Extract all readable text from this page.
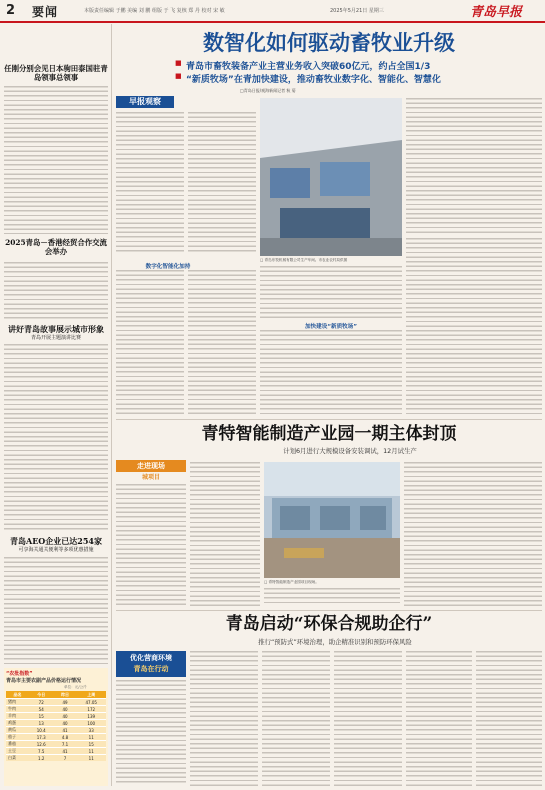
2 要闻	本版责任编辑 于鹏 美编 刘 鹏 组版 于 飞 复核 郑 丹 校对 宋 敏	2025年5月21日 星期三	青岛早报
任刚分别会见日本驹田泰国驻青岛领事总领事
2025青岛－香港经贸合作交流会举办
讲好青岛故事展示城市形象
青岛开展主题演讲比赛
青岛AEO企业已达254家
可享海关通关便利等多项优惠措施
“农批指数”
青岛市主要农副产品价格运行情况
单位：元/公斤
品名	今日	昨日	上周
猪肉	72	49	47.05
牛肉	54	40	172
羊肉	15	40	139
鸡蛋	13	40	100
黄瓜	10.4	41	33
茄子	17.3	4.8	11
番茄	12.6	7.1	15
土豆	7.5	41	11
白菜	1.2	7	11
数智化如何驱动畜牧业升级
■ 青岛市畜牧装备产业主营业务收入突破60亿元，约占全国1/3
■ “新质牧场”在青加快建设，推动畜牧业数字化、智能化、智慧化
□青岛日报/观海新闻记者 秋 菊
早报观察
□ 青岛东牧机械有限公司生产车间。市农业农村局供图
数字化智能化加持
加快建设“新质牧场”
青特智能制造产业园一期主体封顶
计划6月进行大规模设备安装调试，12月试生产
走进现场
城项目
□ 青特智能制造产业园项目现场。
青岛启动“环保合规助企行”
推行“预防式”环境治理，助企精准识别和预防环保风险
优化营商环境
青岛在行动
